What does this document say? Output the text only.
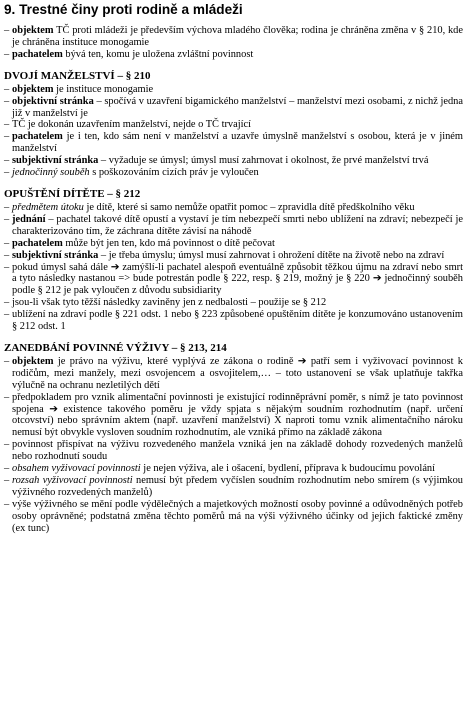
9. Trestné činy proti rodině a mládeži
– objektem TČ proti mládeži je především výchova mladého člověka; rodina je chráněna změna v § 210, kde je chráněna instituce monogamie
– pachatelem bývá ten, komu je uložena zvláštní povinnost
DVOJÍ MANŽELSTVÍ – § 210
– objektem je instituce monogamie
– objektivní stránka – spočívá v uzavření bigamického manželství – manželství mezi osobami, z nichž jedna již v manželství je
– TČ je dokonán uzavřením manželství, nejde o TČ trvající
– pachatelem je i ten, kdo sám není v manželství a uzavře úmyslně manželství s osobou, která je v jiném manželství
– subjektivní stránka – vyžaduje se úmysl; úmysl musí zahrnovat i okolnost, že prvé manželství trvá
– jednočinný souběh s poškozováním cizích práv je vyloučen
OPUŠTĚNÍ DÍTĚTE – § 212
– předmětem útoku je dítě, které si samo nemůže opatřit pomoc – zpravidla dítě předškolního věku
– jednání – pachatel takové dítě opustí a vystaví je tím nebezpečí smrti nebo ublížení na zdraví; nebezpečí je charakterizováno tím, že záchrana dítěte závisí na náhodě
– pachatelem může být jen ten, kdo má povinnost o dítě pečovat
– subjektivní stránka – je třeba úmyslu; úmysl musí zahrnovat i ohrožení dítěte na životě nebo na zdraví
– pokud úmysl sahá dále ➔ zamýšlí-li pachatel alespoň eventuálně způsobit těžkou újmu na zdraví nebo smrt a tyto následky nastanou => bude potrestán podle § 222, resp. § 219, možný je § 220 ➔ jednočinný souběh podle § 212 je pak vyloučen z důvodu subsidiarity
– jsou-li však tyto těžší následky zaviněny jen z nedbalosti – použije se § 212
– ublížení na zdraví podle § 221 odst. 1 nebo § 223 způsobené opuštěním dítěte je konzumováno ustanovením § 212 odst. 1
ZANEDBÁNÍ POVINNÉ VÝŽIVY – § 213, 214
– objektem je právo na výživu, které vyplývá ze zákona o rodině ➔ patří sem i vyživovací povinnost k rodičům, mezi manžely, mezi osvojencem a osvojitelem,… – toto ustanovení se však uplatňuje takřka výlučně na ochranu nezletilých dětí
– předpokladem pro vznik alimentační povinnosti je existující rodinněprávní poměr, s nímž je tato povinnost spojena ➔ existence takového poměru je vždy spjata s nějakým soudním rozhodnutím (např. určení otcovství) nebo správním aktem (např. uzavření manželství) X naproti tomu vznik alimentačního nároku nemusí být obvykle vysloven soudním rozhodnutím, ale vzniká přímo na základě zákona
– povinnost přispívat na výživu rozvedeného manžela vzniká jen na základě dohody rozvedených manželů nebo rozhodnutí soudu
– obsahem vyživovací povinnosti je nejen výživa, ale i ošacení, bydlení, příprava k budoucímu povolání
– rozsah vyživovací povinnosti nemusí být předem vyčíslen soudním rozhodnutím nebo smírem (s výjimkou výživného rozvedených manželů)
– výše výživného se mění podle výdělečných a majetkových možností osoby povinné a odůvodněných potřeb osoby oprávněné; podstatná změna těchto poměrů má na výši výživného účinky od jejich faktické změny (ex tunc)
